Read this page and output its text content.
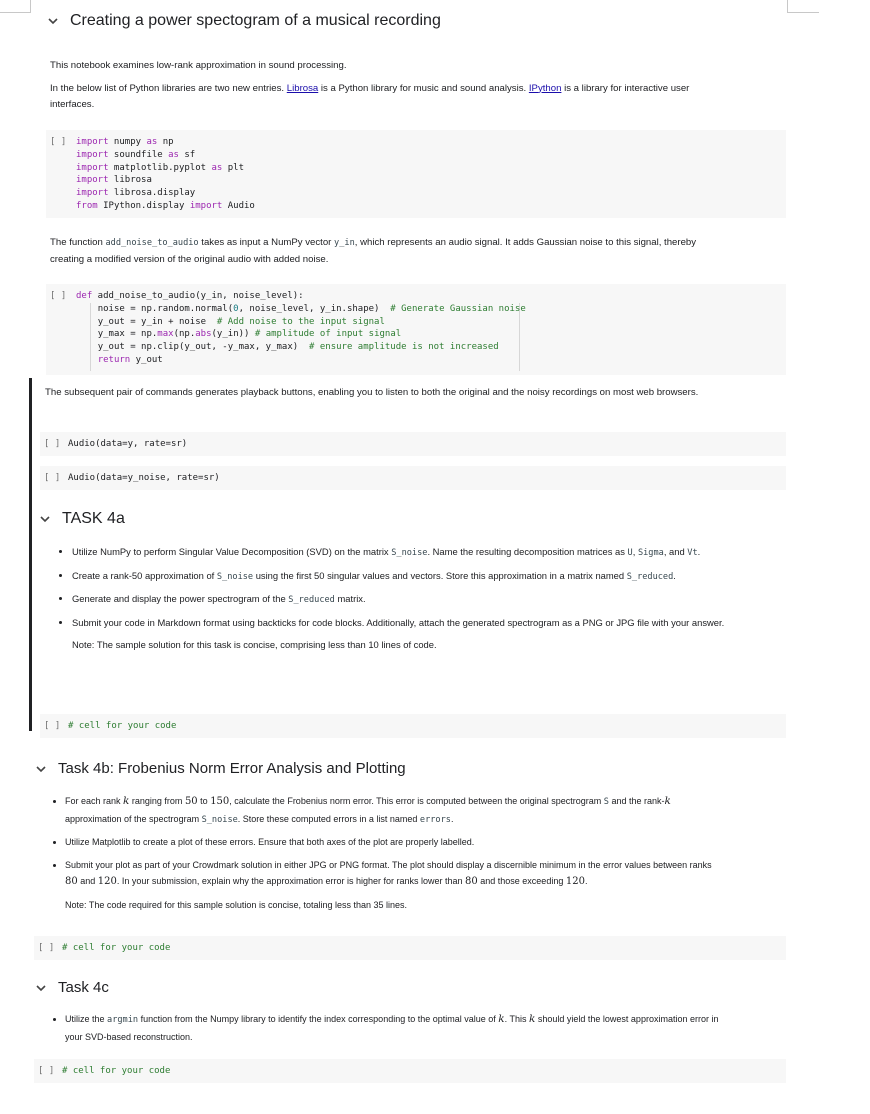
Creating a power spectogram of a musical recording

This notebook examines low-rank approximation in sound processing.

In the below list of Python libraries are two new entries. Librosa is a Python library for music and sound analysis. IPython is a library for interactive user interfaces.

[ ]

import numpy as np
import soundfile as sf
import matplotlib.pyplot as plt
import librosa
import librosa.display
from IPython.display import Audio

The function add_noise_to_audio takes as input a NumPy vector y_in, which represents an audio signal. It adds Gaussian noise to this signal, thereby creating a modified version of the original audio with added noise.

[ ]

def add_noise_to_audio(y_in, noise_level):
noise = np.random.normal(0, noise_level, y_in.shape)  # Generate Gaussian noise
y_out = y_in + noise  # Add noise to the input signal
y_max = np.max(np.abs(y_in)) # amplitude of input signal
y_out = np.clip(y_out, -y_max, y_max)  # ensure amplitude is not increased
return y_out

The subsequent pair of commands generates playback buttons, enabling you to listen to both the original and the noisy recordings on most web browsers.

[ ]

Audio(data=y, rate=sr)

[ ]

Audio(data=y_noise, rate=sr)

TASK 4a
• Utilize NumPy to perform Singular Value Decomposition (SVD) on the matrix S_noise. Name the resulting decomposition matrices as U, Sigma, and Vt.
• Create a rank-50 approximation of S_noise using the first 50 singular values and vectors. Store this approximation in a matrix named S_reduced.
• Generate and display the power spectrogram of the S_reduced matrix.
• Submit your code in Markdown format using backticks for code blocks. Additionally, attach the generated spectrogram as a PNG or JPG file with your answer.
Note: The sample solution for this task is concise, comprising less than 10 lines of code.

[ ]

# cell for your code

Task 4b: Frobenius Norm Error Analysis and Plotting
• For each rank k ranging from 50 to 150, calculate the Frobenius norm error. This error is computed between the original spectrogram S and the rank-k approximation of the spectrogram S_noise. Store these computed errors in a list named errors.
• Utilize Matplotlib to create a plot of these errors. Ensure that both axes of the plot are properly labelled.
• Submit your plot as part of your Crowdmark solution in either JPG or PNG format. The plot should display a discernible minimum in the error values between ranks 80 and 120. In your submission, explain why the approximation error is higher for ranks lower than 80 and those exceeding 120.
Note: The code required for this sample solution is concise, totaling less than 35 lines.

[ ]

# cell for your code

Task 4c
• Utilize the argmin function from the Numpy library to identify the index corresponding to the optimal value of k. This k should yield the lowest approximation error in your SVD-based reconstruction.

[ ]

# cell for your code
